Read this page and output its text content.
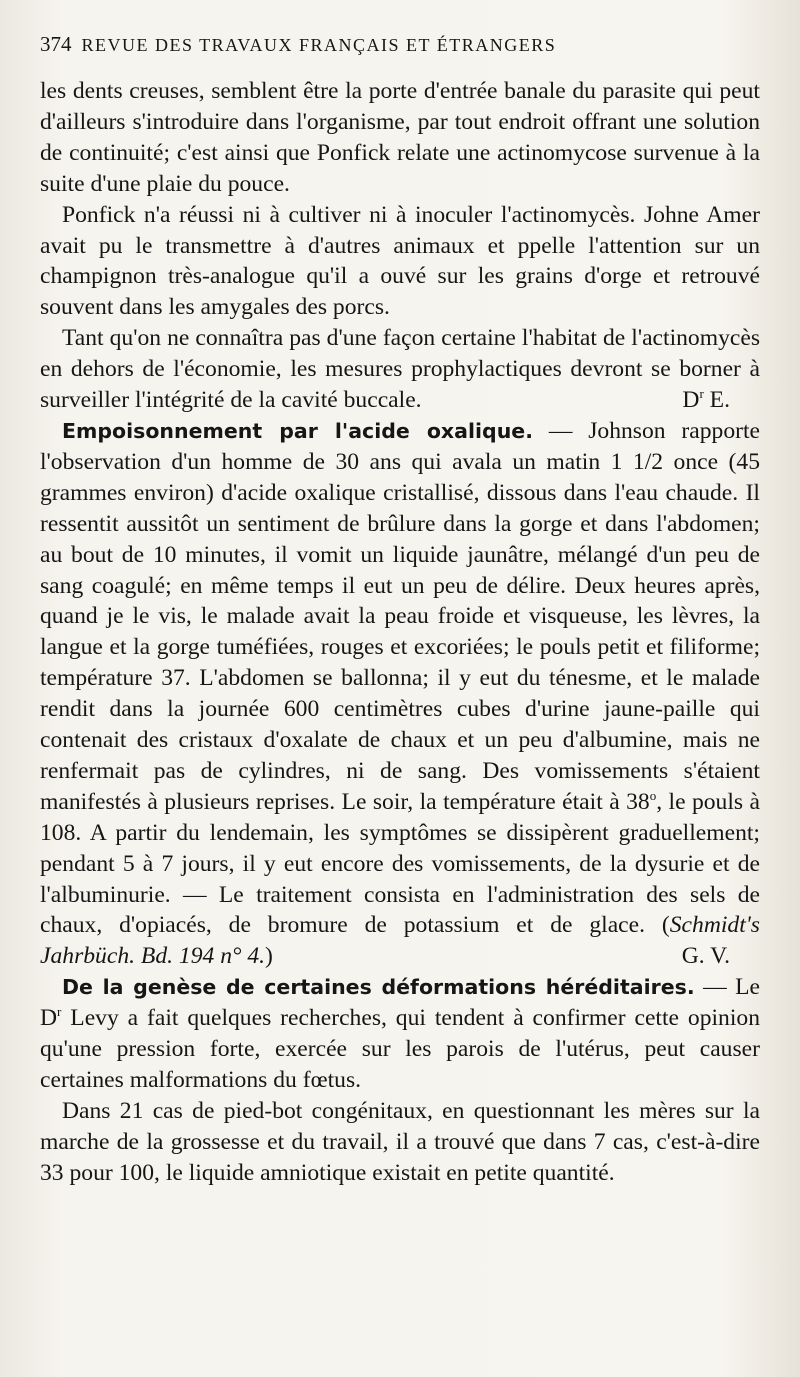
374 REVUE DES TRAVAUX FRANÇAIS ET ÉTRANGERS

les dents creuses, semblent être la porte d'entrée banale du parasite qui peut d'ailleurs s'introduire dans l'organisme, par tout endroit offrant une solution de continuité; c'est ainsi que Ponfick relate une actinomycose survenue à la suite d'une plaie du pouce.

Ponfick n'a réussi ni à cultiver ni à inoculer l'actinomycès. Johne Amer avait pu le transmettre à d'autres animaux et ppelle l'attention sur un champignon très-analogue qu'il a ouvé sur les grains d'orge et retrouvé souvent dans les amygales des porcs.

Tant qu'on ne connaîtra pas d'une façon certaine l'habitat de l'actinomycès en dehors de l'économie, les mesures prophylactiques devront se borner à surveiller l'intégrité de la cavité buccale.	$D^r$ E.

Empoisonnement par l'acide oxalique. — Johnson rapporte l'observation d'un homme de 30 ans qui avala un matin 1 1/2 once (45 grammes environ) d'acide oxalique cristallisé, dissous dans l'eau chaude. Il ressentit aussitôt un sentiment de brûlure dans la gorge et dans l'abdomen; au bout de 10 minutes, il vomit un liquide jaunâtre, mélangé d'un peu de sang coagulé; en même temps il eut un peu de délire. Deux heures après, quand je le vis, le malade avait la peau froide et visqueuse, les lèvres, la langue et la gorge tuméfiées, rouges et excoriées; le pouls petit et filiforme; température 37. L'abdomen se ballonna; il y eut du ténesme, et le malade rendit dans la journée 600 centimètres cubes d'urine jaune-paille qui contenait des cristaux d'oxalate de chaux et un peu d'albumine, mais ne renfermait pas de cylindres, ni de sang. Des vomissements s'étaient manifestés à plusieurs reprises. Le soir, la température était à 38$^o$, le pouls à 108. A partir du lendemain, les symptômes se dissipèrent graduellement; pendant 5 à 7 jours, il y eut encore des vomissements, de la dysurie et de l'albuminurie. — Le traitement consista en l'administration des sels de chaux, d'opiacés, de bromure de potassium et de glace. (Schmidt's Jahrbüch. Bd. 194 n° 4.)	G. V.

De la genèse de certaines déformations héréditaires. — Le $D^r$ Levy a fait quelques recherches, qui tendent à confirmer cette opinion qu'une pression forte, exercée sur les parois de l'utérus, peut causer certaines malformations du fœtus.

Dans 21 cas de pied-bot congénitaux, en questionnant les mères sur la marche de la grossesse et du travail, il a trouvé que dans 7 cas, c'est-à-dire 33 pour 100, le liquide amniotique existait en petite quantité.
